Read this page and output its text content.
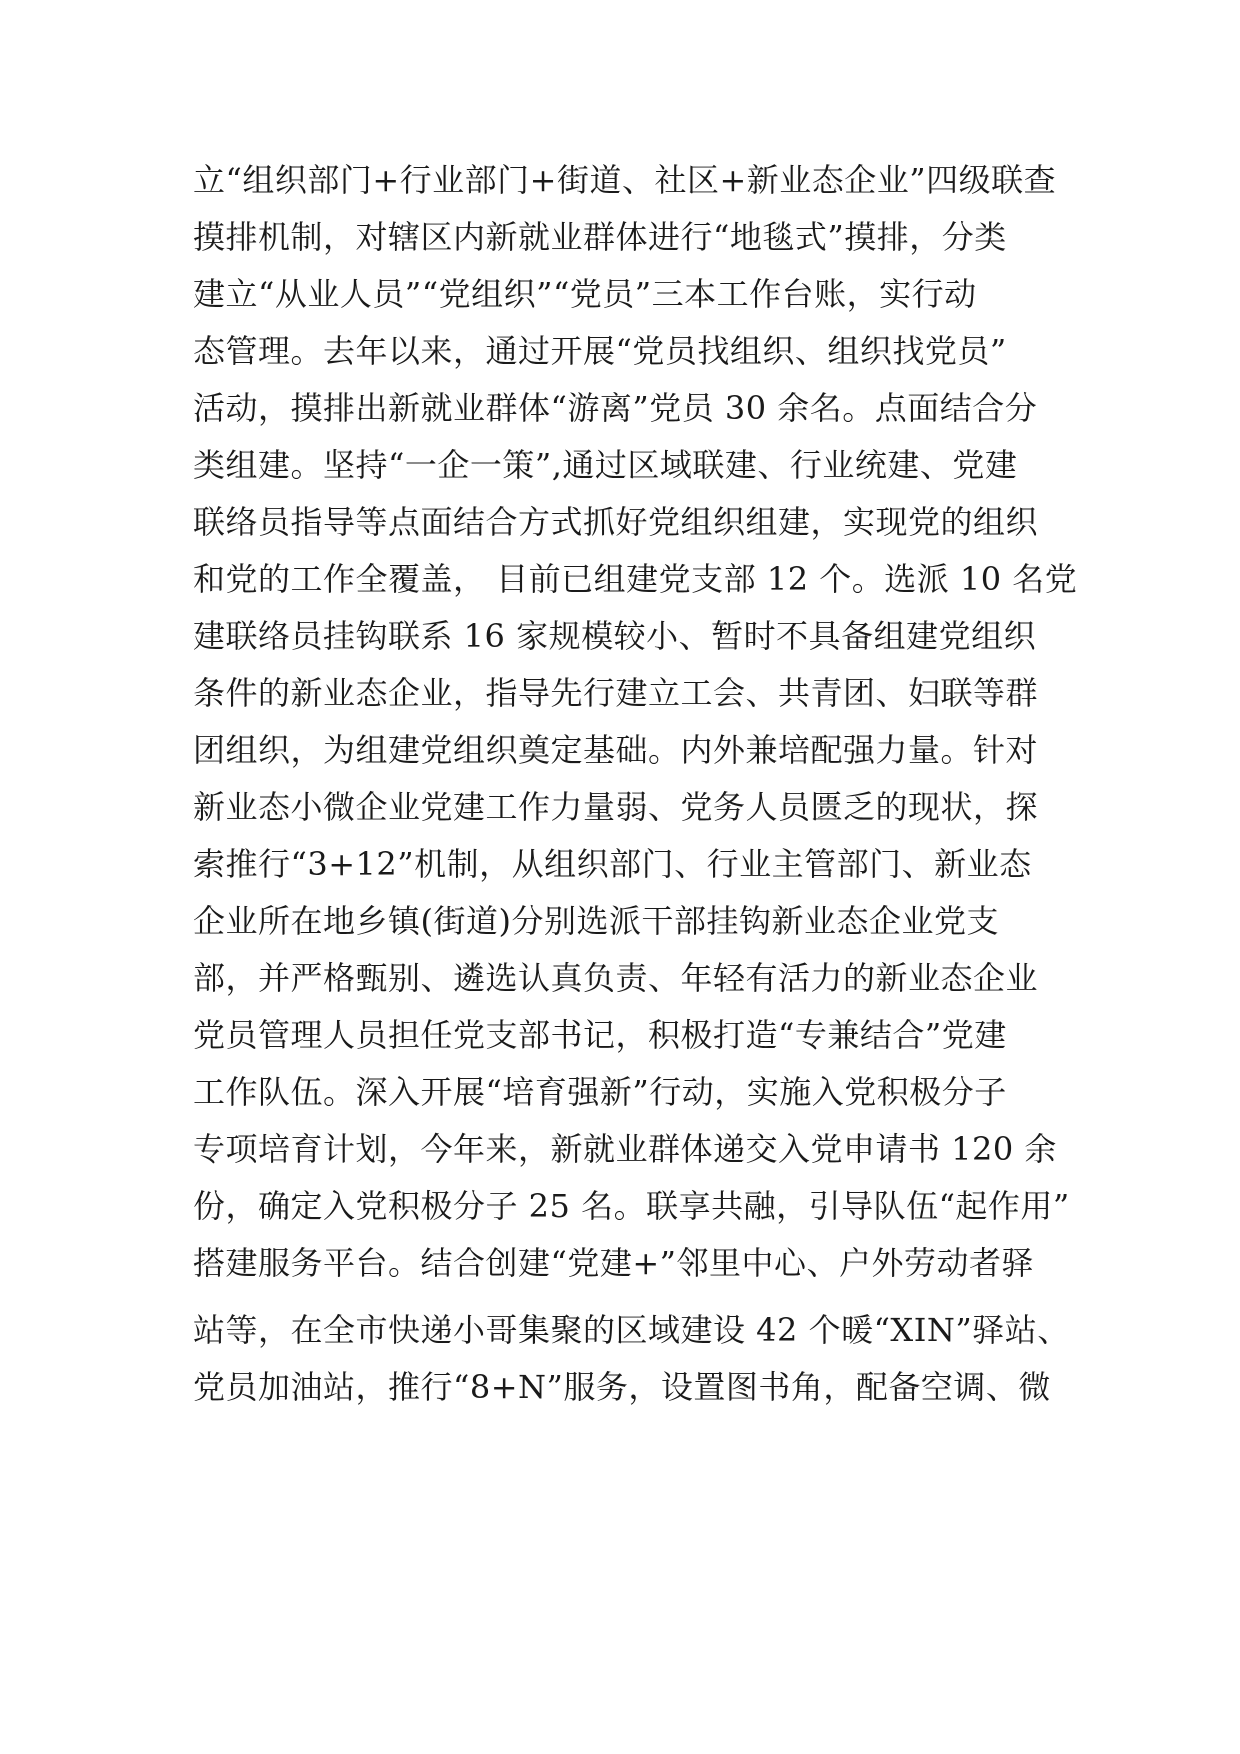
立“组织部门+行业部门+街道、社区+新业态企业”四级联查
摸排机制，对辖区内新就业群体进行“地毯式”摸排，分类
建立“从业人员”“党组织”“党员”三本工作台账，实行动
态管理。去年以来，通过开展“党员找组织、组织找党员”
活动，摸排出新就业群体“游离”党员 30 余名。点面结合分
类组建。坚持“一企一策”,通过区域联建、行业统建、党建
联络员指导等点面结合方式抓好党组织组建，实现党的组织
和党的工作全覆盖， 目前已组建党支部 12 个。选派 10 名党
建联络员挂钩联系 16 家规模较小、暂时不具备组建党组织
条件的新业态企业，指导先行建立工会、共青团、妇联等群
团组织，为组建党组织奠定基础。内外兼培配强力量。针对
新业态小微企业党建工作力量弱、党务人员匮乏的现状，探
索推行“3+12”机制，从组织部门、行业主管部门、新业态
企业所在地乡镇(街道)分别选派干部挂钩新业态企业党支
部，并严格甄别、遴选认真负责、年轻有活力的新业态企业
党员管理人员担任党支部书记，积极打造“专兼结合”党建
工作队伍。深入开展“培育强新”行动，实施入党积极分子
专项培育计划，今年来，新就业群体递交入党申请书 120 余
份，确定入党积极分子 25 名。联享共融，引导队伍“起作用”
搭建服务平台。结合创建“党建+”邻里中心、户外劳动者驿
站等，在全市快递小哥集聚的区域建设 42 个暖“XIN”驿站、
党员加油站，推行“8+N”服务，设置图书角，配备空调、微
